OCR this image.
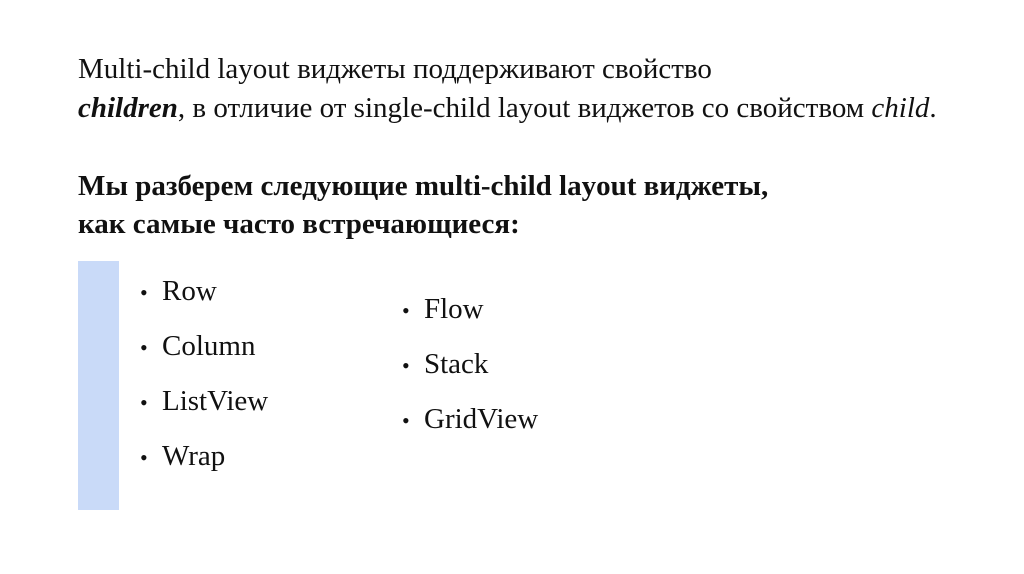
Multi-child layout виджеты поддерживают свойство
children, в отличие от single-child layout виджетов со свойством child.

Мы разберем следующие multi-child layout виджеты,
как самые часто встречающиеся:

• Row
• Column
• ListView
• Wrap
• Flow
• Stack
• GridView
